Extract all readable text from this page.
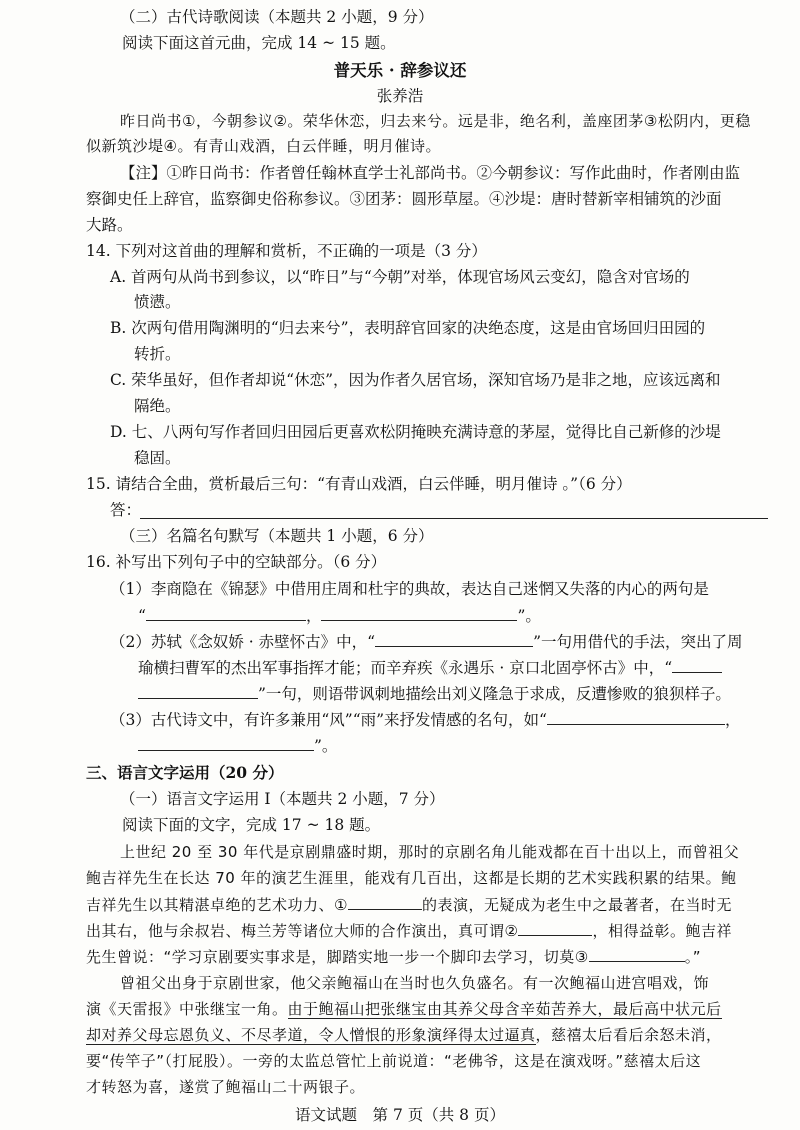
（二）古代诗歌阅读（本题共 2 小题，9 分）
阅读下面这首元曲，完成 14 ~ 15 题。
普天乐 · 辞参议还
张养浩
昨日尚书①，今朝参议②。荣华休恋，归去来兮。远是非，绝名利，盖座团茅③松阴内，更稳
似新筑沙堤④。有青山戏酒，白云伴睡，明月催诗。
【注】①昨日尚书：作者曾任翰林直学士礼部尚书。②今朝参议：写作此曲时，作者刚由监
察御史任上辞官，监察御史俗称参议。③团茅：圆形草屋。④沙堤：唐时替新宰相铺筑的沙面
大路。
14. 下列对这首曲的理解和赏析，不正确的一项是（3 分）
A. 首两句从尚书到参议，以“昨日”与“今朝”对举，体现官场风云变幻，隐含对官场的
愤懑。
B. 次两句借用陶渊明的“归去来兮”，表明辞官回家的决绝态度，这是由官场回归田园的
转折。
C. 荣华虽好，但作者却说“休恋”，因为作者久居官场，深知官场乃是非之地，应该远离和
隔绝。
D. 七、八两句写作者回归田园后更喜欢松阴掩映充满诗意的茅屋，觉得比自己新修的沙堤
稳固。
15. 请结合全曲，赏析最后三句：“有青山戏酒，白云伴睡，明月催诗 。”（6 分）
答：
（三）名篇名句默写（本题共 1 小题，6 分）
16. 补写出下列句子中的空缺部分。（6 分）
（1）李商隐在《锦瑟》中借用庄周和杜宇的典故，表达自己迷惘又失落的内心的两句是
“	，	”。
（2）苏轼《念奴娇 · 赤壁怀古》中，“	”一句用借代的手法，突出了周
瑜横扫曹军的杰出军事指挥才能；而辛弃疾《永遇乐 · 京口北固亭怀古》中，“
”一句，则语带讽刺地描绘出刘义隆急于求成，反遭惨败的狼狈样子。
（3）古代诗文中，有许多兼用“风”“雨”来抒发情感的名句，如“	，
”。
三、语言文字运用（20 分）
（一）语言文字运用 Ⅰ（本题共 2 小题，7 分）
阅读下面的文字，完成 17 ~ 18 题。
上世纪 20 至 30 年代是京剧鼎盛时期，那时的京剧名角儿能戏都在百十出以上，而曾祖父
鲍吉祥先生在长达 70 年的演艺生涯里，能戏有几百出，这都是长期的艺术实践积累的结果。鲍
吉祥先生以其精湛卓绝的艺术功力、①	的表演，无疑成为老生中之最著者，在当时无
出其右，他与余叔岩、梅兰芳等诸位大师的合作演出，真可谓②	，相得益彰。鲍吉祥
先生曾说：“学习京剧要实事求是，脚踏实地一步一个脚印去学习，切莫③	。”
曾祖父出身于京剧世家，他父亲鲍福山在当时也久负盛名。有一次鲍福山进宫唱戏，饰
演《天雷报》中张继宝一角。由于鲍福山把张继宝由其养父母含辛茹苦养大，最后高中状元后
却对养父母忘恩负义、不尽孝道，令人憎恨的形象演绎得太过逼真，慈禧太后看后余怒未消，
要“传竿子”（打屁股）。一旁的太监总管忙上前说道：“老佛爷，这是在演戏呀。”慈禧太后这
才转怒为喜，遂赏了鲍福山二十两银子。
语文试题　第 7 页（共 8 页）
